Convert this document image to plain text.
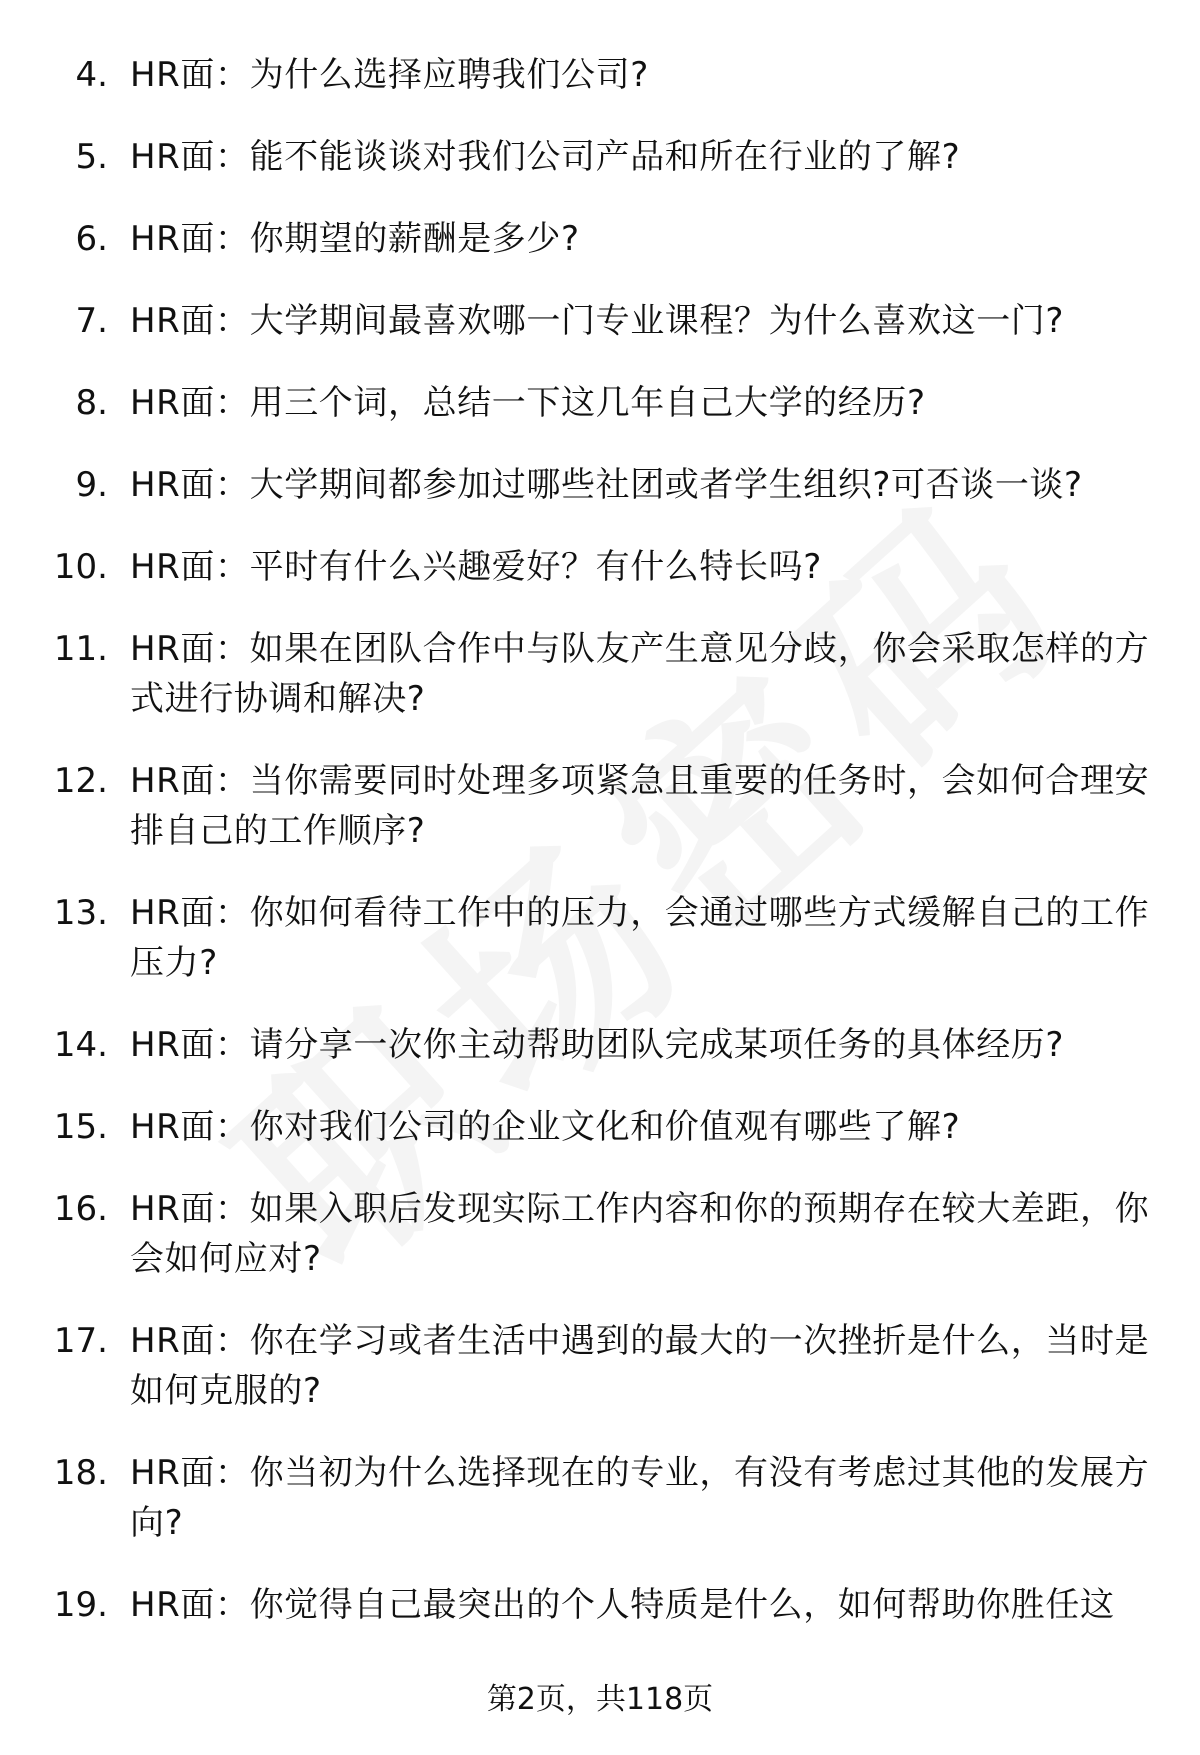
4. HR面：为什么选择应聘我们公司?
5. HR面：能不能谈谈对我们公司产品和所在行业的了解?
6. HR面：你期望的薪酬是多少?
7. HR面：大学期间最喜欢哪一门专业课程？为什么喜欢这一门?
8. HR面：用三个词，总结一下这几年自己大学的经历?
9. HR面：大学期间都参加过哪些社团或者学生组织?可否谈一谈?
10. HR面：平时有什么兴趣爱好？有什么特长吗?
11. HR面：如果在团队合作中与队友产生意见分歧，你会采取怎样的方式进行协调和解决?
12. HR面：当你需要同时处理多项紧急且重要的任务时，会如何合理安排自己的工作顺序?
13. HR面：你如何看待工作中的压力，会通过哪些方式缓解自己的工作压力?
14. HR面：请分享一次你主动帮助团队完成某项任务的具体经历?
15. HR面：你对我们公司的企业文化和价值观有哪些了解?
16. HR面：如果入职后发现实际工作内容和你的预期存在较大差距，你会如何应对?
17. HR面：你在学习或者生活中遇到的最大的一次挫折是什么，当时是如何克服的?
18. HR面：你当初为什么选择现在的专业，有没有考虑过其他的发展方向?
19. HR面：你觉得自己最突出的个人特质是什么，如何帮助你胜任这
第2页，共118页
